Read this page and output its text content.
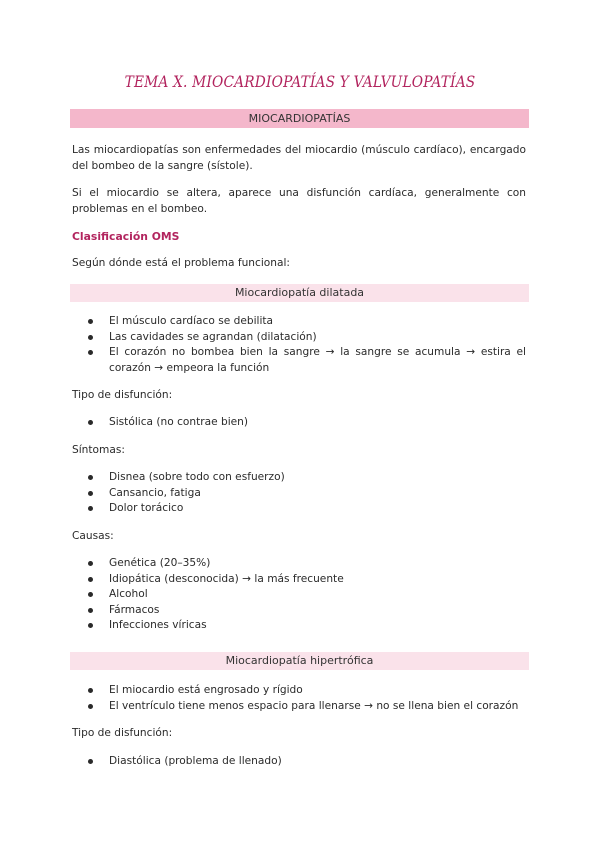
TEMA X. MIOCARDIOPATÍAS Y VALVULOPATÍAS
MIOCARDIOPATÍAS
Las miocardiopatías son enfermedades del miocardio (músculo cardíaco), encargado del bombeo de la sangre (sístole).
Si el miocardio se altera, aparece una disfunción cardíaca, generalmente con problemas en el bombeo.
Clasificación OMS
Según dónde está el problema funcional:
Miocardiopatía dilatada
El músculo cardíaco se debilita
Las cavidades se agrandan (dilatación)
El corazón no bombea bien la sangre → la sangre se acumula → estira el corazón → empeora la función
Tipo de disfunción:
Sistólica (no contrae bien)
Síntomas:
Disnea (sobre todo con esfuerzo)
Cansancio, fatiga
Dolor torácico
Causas:
Genética (20–35%)
Idiopática (desconocida) → la más frecuente
Alcohol
Fármacos
Infecciones víricas
Miocardiopatía hipertrófica
El miocardio está engrosado y rígido
El ventrículo tiene menos espacio para llenarse → no se llena bien el corazón
Tipo de disfunción:
Diastólica (problema de llenado)
